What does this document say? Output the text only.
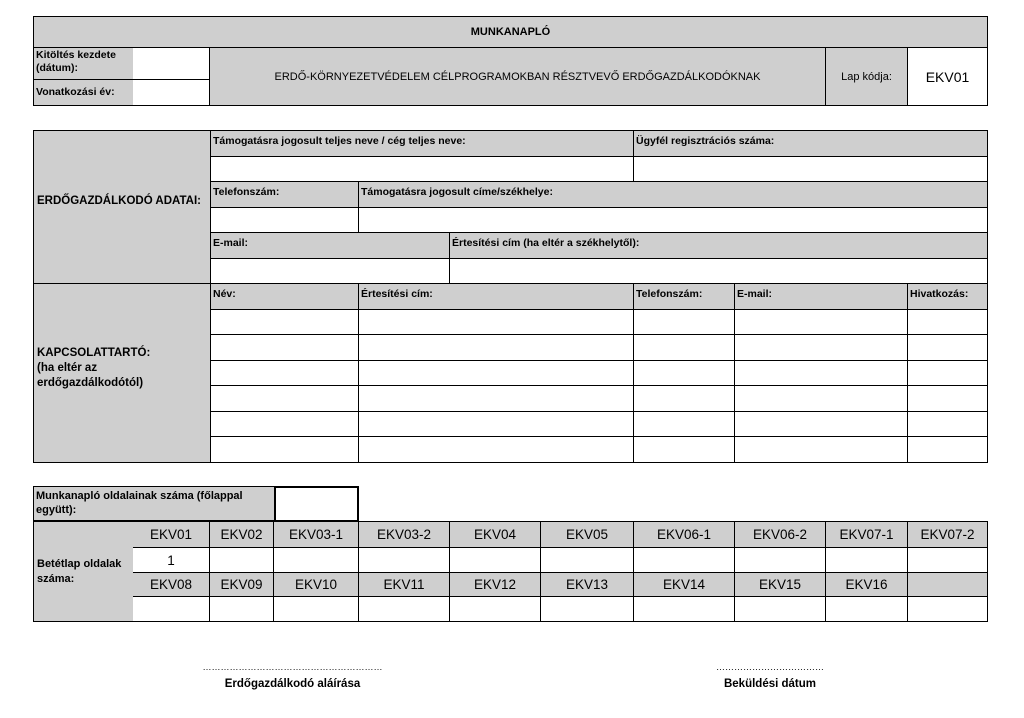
MUNKANAPLÓ
Kitöltés kezdete (dátum):
Vonatkozási év:
ERDŐ-KÖRNYEZETVÉDELEM CÉLPROGRAMOKBAN RÉSZTVEVŐ ERDŐGAZDÁLKODÓKNAK	Lap kódja:	EKV01
ERDŐGAZDÁLKODÓ ADATAI:
KAPCSOLATTARTÓ:
(ha eltér az erdőgazdálkodótól)
Támogatásra jogosult teljes neve / cég teljes neve:	Ügyfél regisztrációs száma:
Telefonszám:	Támogatásra jogosult címe/székhelye:
E-mail:	Értesítési cím (ha eltér a székhelytől):
Név:	Értesítési cím:	Telefonszám:	E-mail:	Hivatkozás:
Munkanapló oldalainak száma (főlappal együtt):
Betétlap oldalak száma:
EKV01	EKV02	EKV03-1	EKV03-2	EKV04	EKV05	EKV06-1	EKV06-2	EKV07-1	EKV07-2
1
EKV08	EKV09	EKV10	EKV11	EKV12	EKV13	EKV14	EKV15	EKV16
……………………………………………………
Erdőgazdálkodó aláírása
………………………………
Beküldési dátum
